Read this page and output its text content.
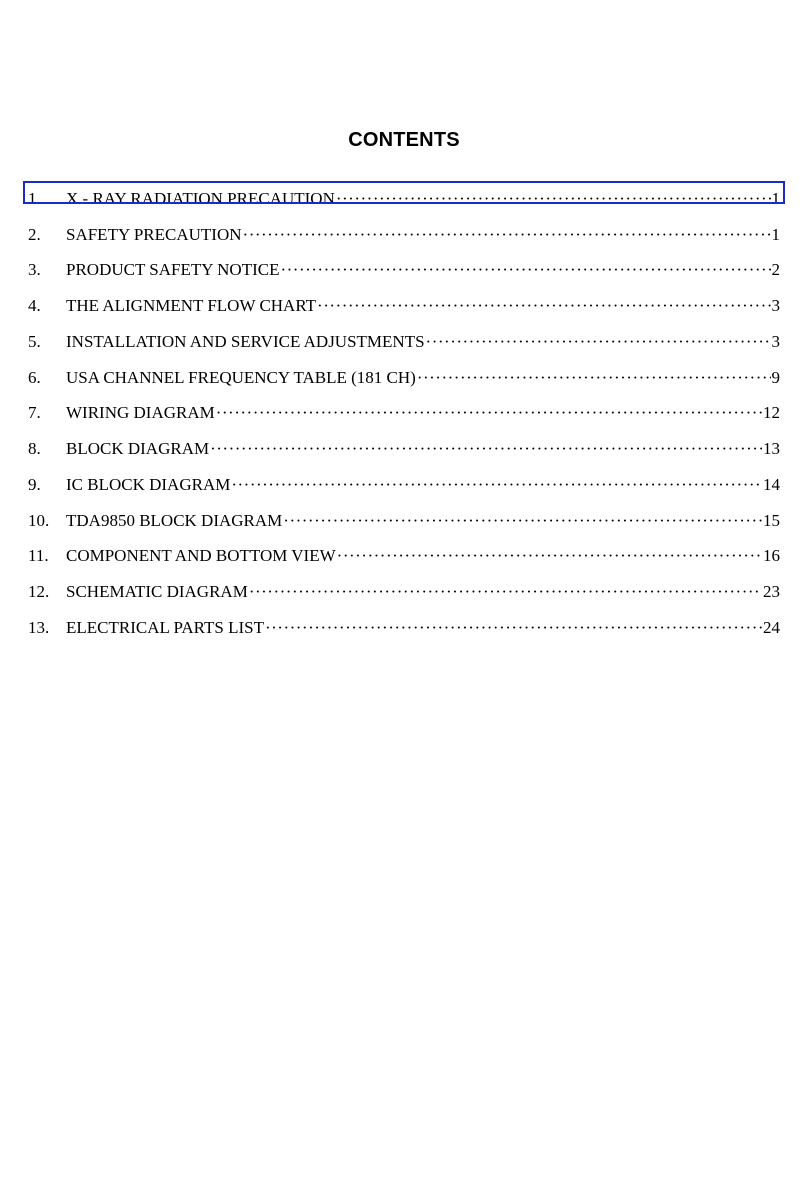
CONTENTS
1.	X - RAY RADIATION PRECAUTION ·····	1
2.	SAFETY PRECAUTION ·····	1
3.	PRODUCT SAFETY NOTICE ·····	2
4.	THE ALIGNMENT FLOW CHART ·····	3
5.	INSTALLATION AND SERVICE ADJUSTMENTS ·····	3
6.	USA CHANNEL FREQUENCY TABLE (181 CH) ·····	9
7.	WIRING DIAGRAM ·····	12
8.	BLOCK DIAGRAM ·····	13
9.	IC BLOCK DIAGRAM ·····	14
10. TDA9850 BLOCK DIAGRAM ·····	15
11.	COMPONENT AND BOTTOM VIEW ·····	16
12. SCHEMATIC DIAGRAM ·····	23
13. ELECTRICAL PARTS LIST ·····	24
